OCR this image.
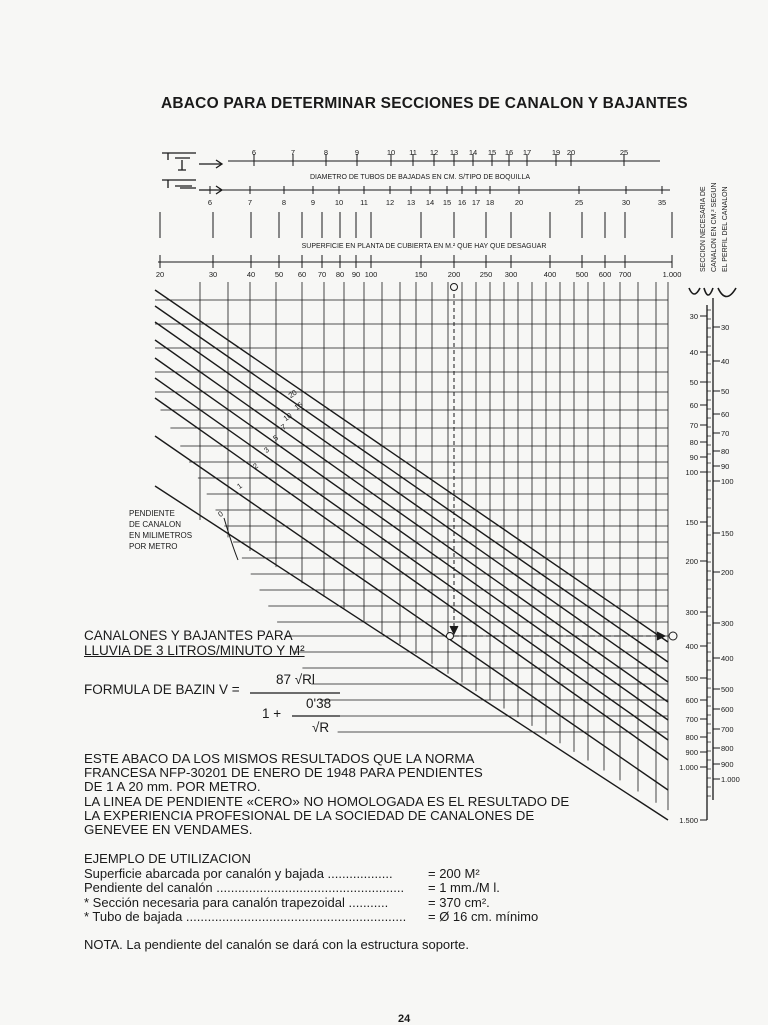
ABACO PARA DETERMINAR SECCIONES DE CANALON Y BAJANTES
6	7	8	9	10 11 12 13 14 15 16 17	19 20	25
DIAMETRO DE TUBOS DE BAJADAS EN CM. S/TIPO DE BOQUILLA
6	7	8	9	10 11 12 13 14 15 16 17 18	20	25	30	35
SUPERFICIE EN PLANTA DE CUBIERTA EN M.² QUE HAY QUE DESAGUAR
20	30	40	50 60 70 80 90 100	150	200	250 300	400	500 600 700	1.000
20
15
10
7
5
3
2
1
0
30
40
50
60
70
80
90
100
150
200
300
400
500
600
700
800
900
1.000
1.500
30
40
50
60
70
80
90
100
150
200
300
400
500
600
700
800
900
1.000
SECCION NECESARIA DE CANALON EN CM.² SEGUN EL PERFIL DEL CANALON
PENDIENTE
DE CANALON
EN MILIMETROS
POR METRO
CANALONES Y BAJANTES PARA
LLUVIA DE 3 LITROS/MINUTO Y M²
FORMULA DE BAZIN V =
87 √Rl
1 +
0'38
√R
ESTE ABACO DA LOS MISMOS RESULTADOS QUE LA NORMA
FRANCESA NFP-30201 DE ENERO DE 1948 PARA PENDIENTES
DE 1 A 20 mm. POR METRO.
LA LINEA DE PENDIENTE «CERO» NO HOMOLOGADA ES EL RESULTADO DE
LA EXPERIENCIA PROFESIONAL DE LA SOCIEDAD DE CANALONES DE
GENEVEE EN VENDAMES.
EJEMPLO DE UTILIZACION
Superficie abarcada por canalón y bajada ..................	= 200 M²
Pendiente del canalón .................................................... = 1 mm./M l.
* Sección necesaria para canalón trapezoidal ...........	= 370 cm².
* Tubo de bajada ............................................................. = Ø 16 cm. mínimo
NOTA. La pendiente del canalón se dará con la estructura soporte.
24
